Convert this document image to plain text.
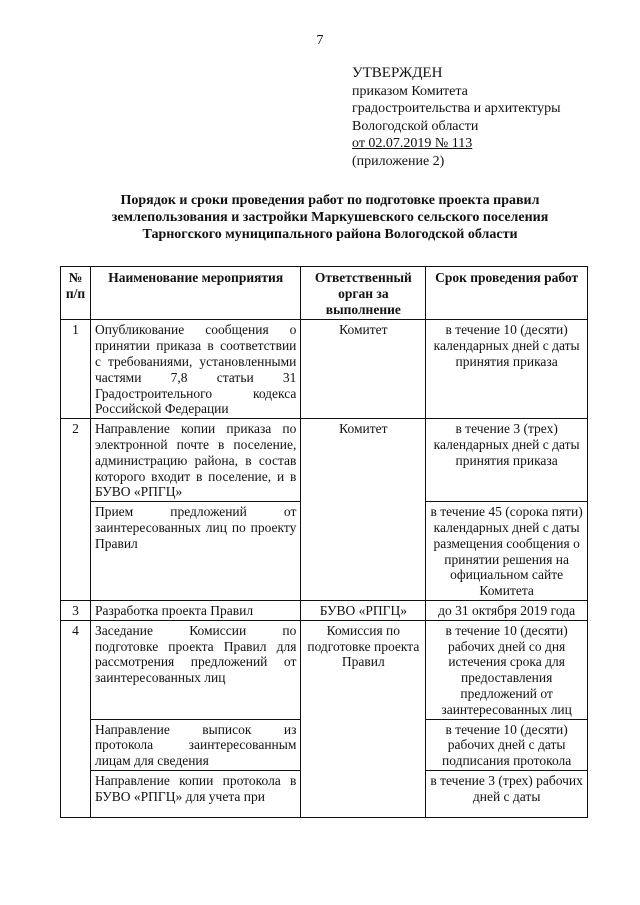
7
УТВЕРЖДЕН
приказом Комитета
градостроительства и архитектуры
Вологодской области
от 02.07.2019 № 113
(приложение 2)
Порядок и сроки проведения работ по подготовке проекта правил
землепользования и застройки Маркушевского сельского поселения
Тарногского муниципального района Вологодской области
№ п/п	Наименование мероприятия	Ответственный орган за выполнение	Срок проведения работ
1	Опубликование сообщения о принятии приказа в соответствии с требованиями, установленными частями 7,8 статьи 31 Градостроительного кодекса Российской Федерации	Комитет	в течение 10 (десяти) календарных дней с даты принятия приказа
2	Направление копии приказа по электронной почте в поселение, администрацию района, в состав которого входит в поселение, и в БУВО «РПГЦ»	Комитет	в течение 3 (трех) календарных дней с даты принятия приказа
	Прием предложений от заинтересованных лиц по проекту Правил		в течение 45 (сорока пяти) календарных дней с даты размещения сообщения о принятии решения на официальном сайте Комитета
3	Разработка проекта Правил	БУВО «РПГЦ»	до 31 октября 2019 года
4	Заседание Комиссии по подготовке проекта Правил для рассмотрения предложений от заинтересованных лиц	Комиссия по подготовке проекта Правил	в течение 10 (десяти) рабочих дней со дня истечения срока для предоставления предложений от заинтересованных лиц
	Направление выписок из протокола заинтересованным лицам для сведения		в течение 10 (десяти) рабочих дней с даты подписания протокола

	Направление копии протокола в БУВО «РПГЦ» для учета при		в течение 3 (трех) рабочих дней с даты
